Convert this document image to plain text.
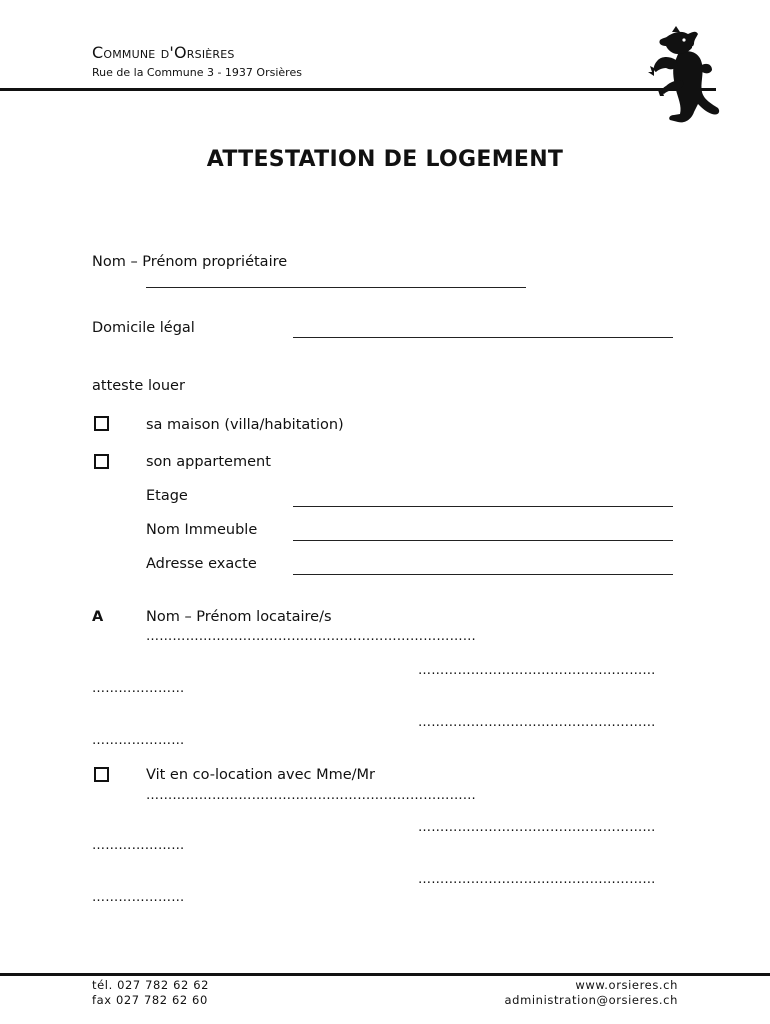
Commune d'Orsières
Rue de la Commune 3 - 1937 Orsières
ATTESTATION DE LOGEMENT
Nom – Prénom propriétaire
Domicile légal
atteste louer
sa maison (villa/habitation)
son appartement
Etage
Nom Immeuble
Adresse exacte
A	Nom – Prénom locataire/s
…………………………………………………………………
………………………………………………
…………………
………………………………………………
…………………
Vit en co-location avec Mme/Mr
…………………………………………………………………
………………………………………………
…………………
………………………………………………
…………………
tél. 027 782 62 62
fax 027 782 62 60
www.orsieres.ch
administration@orsieres.ch
